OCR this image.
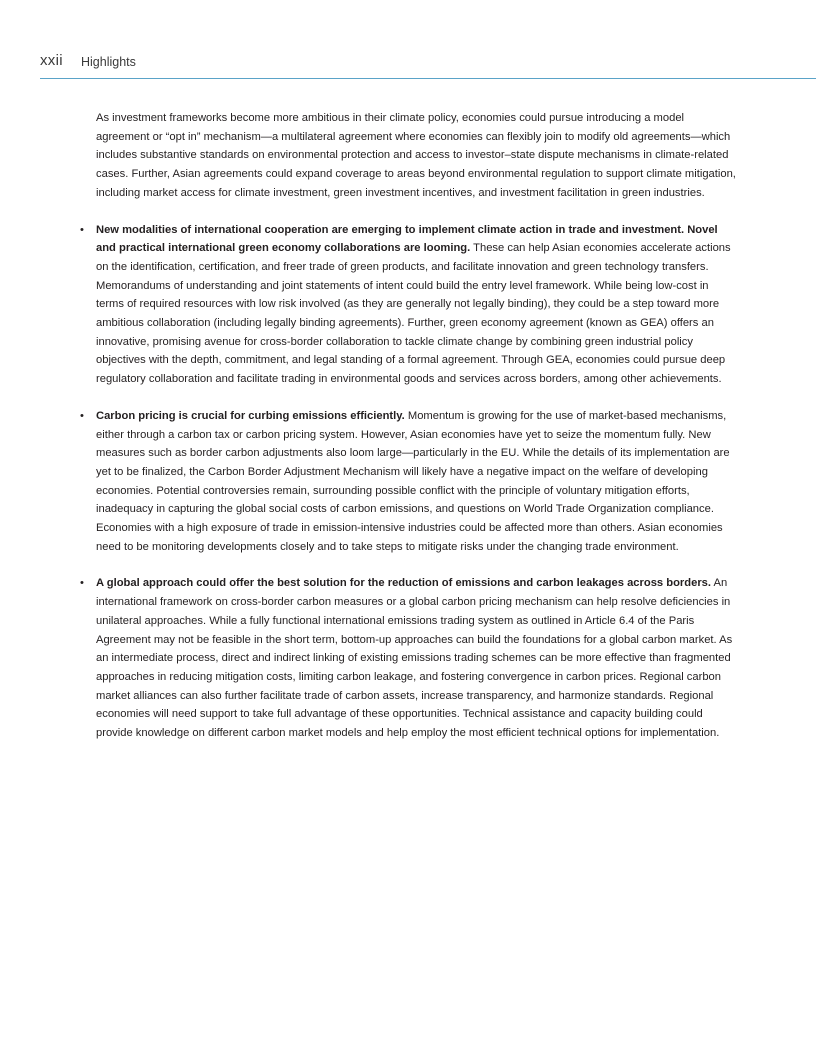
xxii Highlights

As investment frameworks become more ambitious in their climate policy, economies could pursue introducing a model agreement or “opt in” mechanism—a multilateral agreement where economies can flexibly join to modify old agreements—which includes substantive standards on environmental protection and access to investor–state dispute mechanisms in climate-related cases. Further, Asian agreements could expand coverage to areas beyond environmental regulation to support climate mitigation, including market access for climate investment, green investment incentives, and investment facilitation in green industries.

• New modalities of international cooperation are emerging to implement climate action in trade and investment. Novel and practical international green economy collaborations are looming. These can help Asian economies accelerate actions on the identification, certification, and freer trade of green products, and facilitate innovation and green technology transfers. Memorandums of understanding and joint statements of intent could build the entry level framework. While being low-cost in terms of required resources with low risk involved (as they are generally not legally binding), they could be a step toward more ambitious collaboration (including legally binding agreements). Further, green economy agreement (known as GEA) offers an innovative, promising avenue for cross-border collaboration to tackle climate change by combining green industrial policy objectives with the depth, commitment, and legal standing of a formal agreement. Through GEA, economies could pursue deep regulatory collaboration and facilitate trading in environmental goods and services across borders, among other achievements.

• Carbon pricing is crucial for curbing emissions efficiently. Momentum is growing for the use of market-based mechanisms, either through a carbon tax or carbon pricing system. However, Asian economies have yet to seize the momentum fully. New measures such as border carbon adjustments also loom large—particularly in the EU. While the details of its implementation are yet to be finalized, the Carbon Border Adjustment Mechanism will likely have a negative impact on the welfare of developing economies. Potential controversies remain, surrounding possible conflict with the principle of voluntary mitigation efforts, inadequacy in capturing the global social costs of carbon emissions, and questions on World Trade Organization compliance. Economies with a high exposure of trade in emission-intensive industries could be affected more than others. Asian economies need to be monitoring developments closely and to take steps to mitigate risks under the changing trade environment.

• A global approach could offer the best solution for the reduction of emissions and carbon leakages across borders. An international framework on cross-border carbon measures or a global carbon pricing mechanism can help resolve deficiencies in unilateral approaches. While a fully functional international emissions trading system as outlined in Article 6.4 of the Paris Agreement may not be feasible in the short term, bottom-up approaches can build the foundations for a global carbon market. As an intermediate process, direct and indirect linking of existing emissions trading schemes can be more effective than fragmented approaches in reducing mitigation costs, limiting carbon leakage, and fostering convergence in carbon prices. Regional carbon market alliances can also further facilitate trade of carbon assets, increase transparency, and harmonize standards. Regional economies will need support to take full advantage of these opportunities. Technical assistance and capacity building could provide knowledge on different carbon market models and help employ the most efficient technical options for implementation.
